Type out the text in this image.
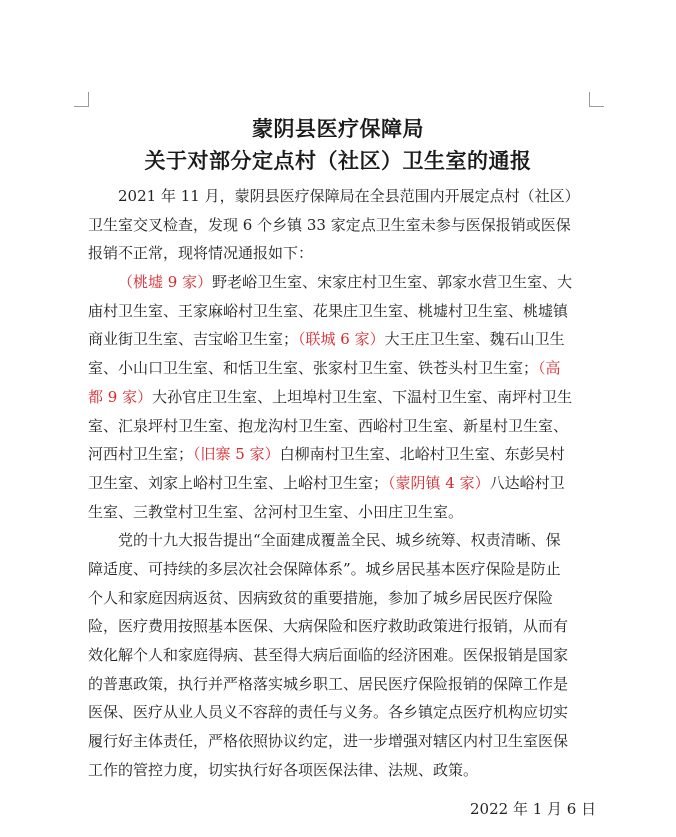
蒙阴县医疗保障局
关于对部分定点村（社区）卫生室的通报
2021 年 11 月，蒙阴县医疗保障局在全县范围内开展定点村（社区）
卫生室交叉检查，发现 6 个乡镇 33 家定点卫生室未参与医保报销或医保
报销不正常，现将情况通报如下：
（桃墟 9 家）野老峪卫生室、宋家庄村卫生室、郭家水营卫生室、大
庙村卫生室、王家麻峪村卫生室、花果庄卫生室、桃墟村卫生室、桃墟镇
商业街卫生室、吉宝峪卫生室；（联城 6 家）大王庄卫生室、魏石山卫生
室、小山口卫生室、和恬卫生室、张家村卫生室、铁苍头村卫生室；（高
都 9 家）大孙官庄卫生室、上坦埠村卫生室、下温村卫生室、南坪村卫生
室、汇泉坪村卫生室、抱龙沟村卫生室、西峪村卫生室、新星村卫生室、
河西村卫生室；（旧寨 5 家）白柳南村卫生室、北峪村卫生室、东彭吴村
卫生室、刘家上峪村卫生室、上峪村卫生室；（蒙阴镇 4 家）八达峪村卫
生室、三教堂村卫生室、岔河村卫生室、小田庄卫生室。
党的十九大报告提出“全面建成覆盖全民、城乡统筹、权责清晰、保
障适度、可持续的多层次社会保障体系”。城乡居民基本医疗保险是防止
个人和家庭因病返贫、因病致贫的重要措施，参加了城乡居民医疗保险
险，医疗费用按照基本医保、大病保险和医疗救助政策进行报销，从而有
效化解个人和家庭得病、甚至得大病后面临的经济困难。医保报销是国家
的普惠政策，执行并严格落实城乡职工、居民医疗保险报销的保障工作是
医保、医疗从业人员义不容辞的责任与义务。各乡镇定点医疗机构应切实
履行好主体责任，严格依照协议约定，进一步增强对辖区内村卫生室医保
工作的管控力度，切实执行好各项医保法律、法规、政策。
2022 年 1 月 6 日
